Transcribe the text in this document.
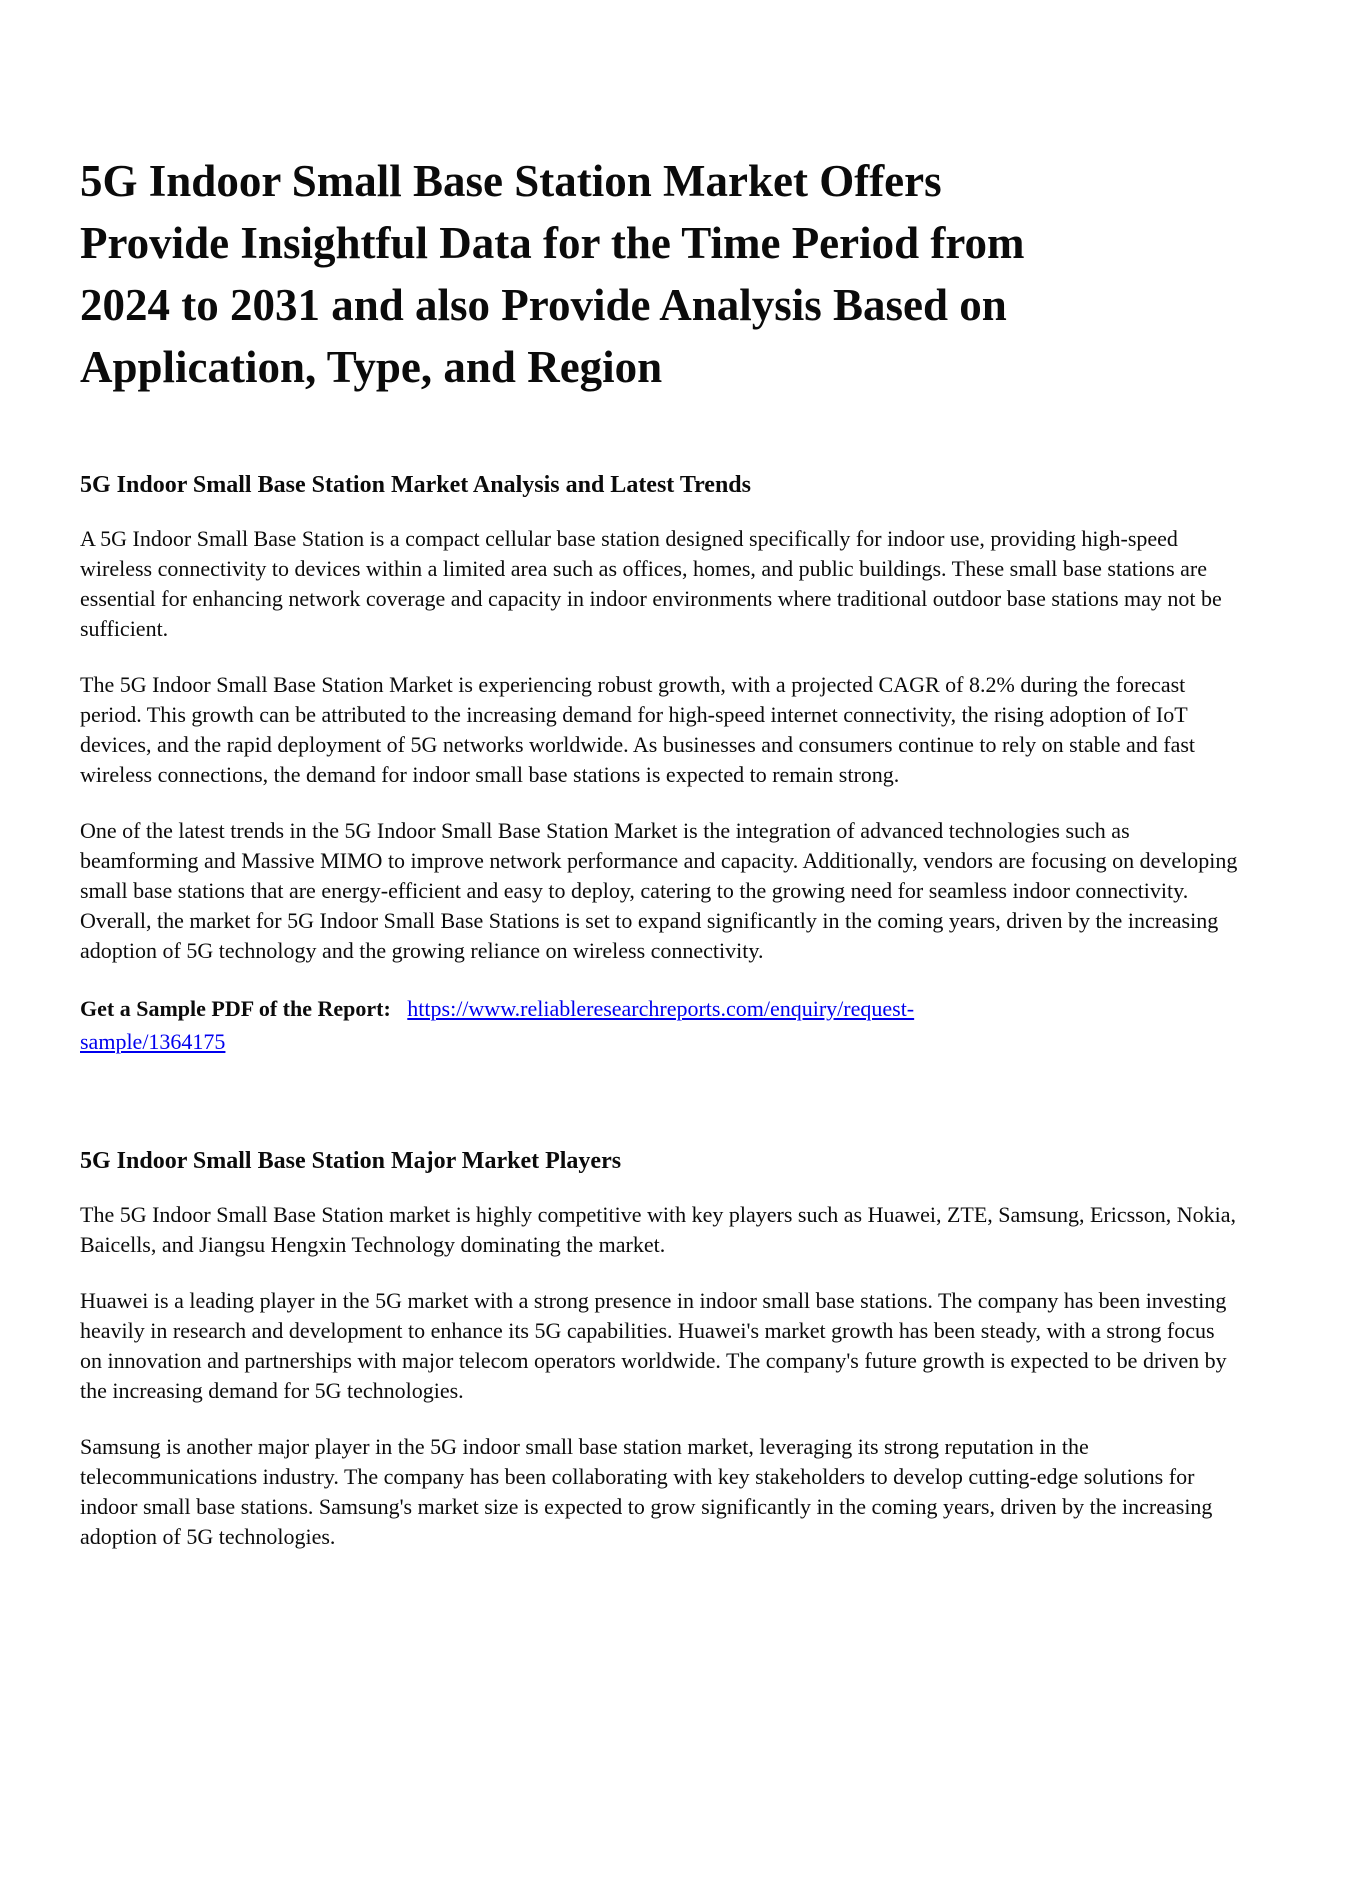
5G Indoor Small Base Station Market Offers
Provide Insightful Data for the Time Period from
2024 to 2031 and also Provide Analysis Based on
Application, Type, and Region
5G Indoor Small Base Station Market Analysis and Latest Trends

A 5G Indoor Small Base Station is a compact cellular base station designed specifically for indoor use, providing high-speed wireless connectivity to devices within a limited area such as offices, homes, and public buildings. These small base stations are essential for enhancing network coverage and capacity in indoor environments where traditional outdoor base stations may not be sufficient.

The 5G Indoor Small Base Station Market is experiencing robust growth, with a projected CAGR of 8.2% during the forecast period. This growth can be attributed to the increasing demand for high-speed internet connectivity, the rising adoption of IoT devices, and the rapid deployment of 5G networks worldwide. As businesses and consumers continue to rely on stable and fast wireless connections, the demand for indoor small base stations is expected to remain strong.

One of the latest trends in the 5G Indoor Small Base Station Market is the integration of advanced technologies such as beamforming and Massive MIMO to improve network performance and capacity. Additionally, vendors are focusing on developing small base stations that are energy-efficient and easy to deploy, catering to the growing need for seamless indoor connectivity. Overall, the market for 5G Indoor Small Base Stations is set to expand significantly in the coming years, driven by the increasing adoption of 5G technology and the growing reliance on wireless connectivity.

Get a Sample PDF of the Report: https://www.reliableresearchreports.com/enquiry/request-
sample/1364175

5G Indoor Small Base Station Major Market Players

The 5G Indoor Small Base Station market is highly competitive with key players such as Huawei, ZTE, Samsung, Ericsson, Nokia, Baicells, and Jiangsu Hengxin Technology dominating the market.

Huawei is a leading player in the 5G market with a strong presence in indoor small base stations. The company has been investing heavily in research and development to enhance its 5G capabilities. Huawei's market growth has been steady, with a strong focus on innovation and partnerships with major telecom operators worldwide. The company's future growth is expected to be driven by the increasing demand for 5G technologies.

Samsung is another major player in the 5G indoor small base station market, leveraging its strong reputation in the telecommunications industry. The company has been collaborating with key stakeholders to develop cutting-edge solutions for indoor small base stations. Samsung's market size is expected to grow significantly in the coming years, driven by the increasing adoption of 5G technologies.
